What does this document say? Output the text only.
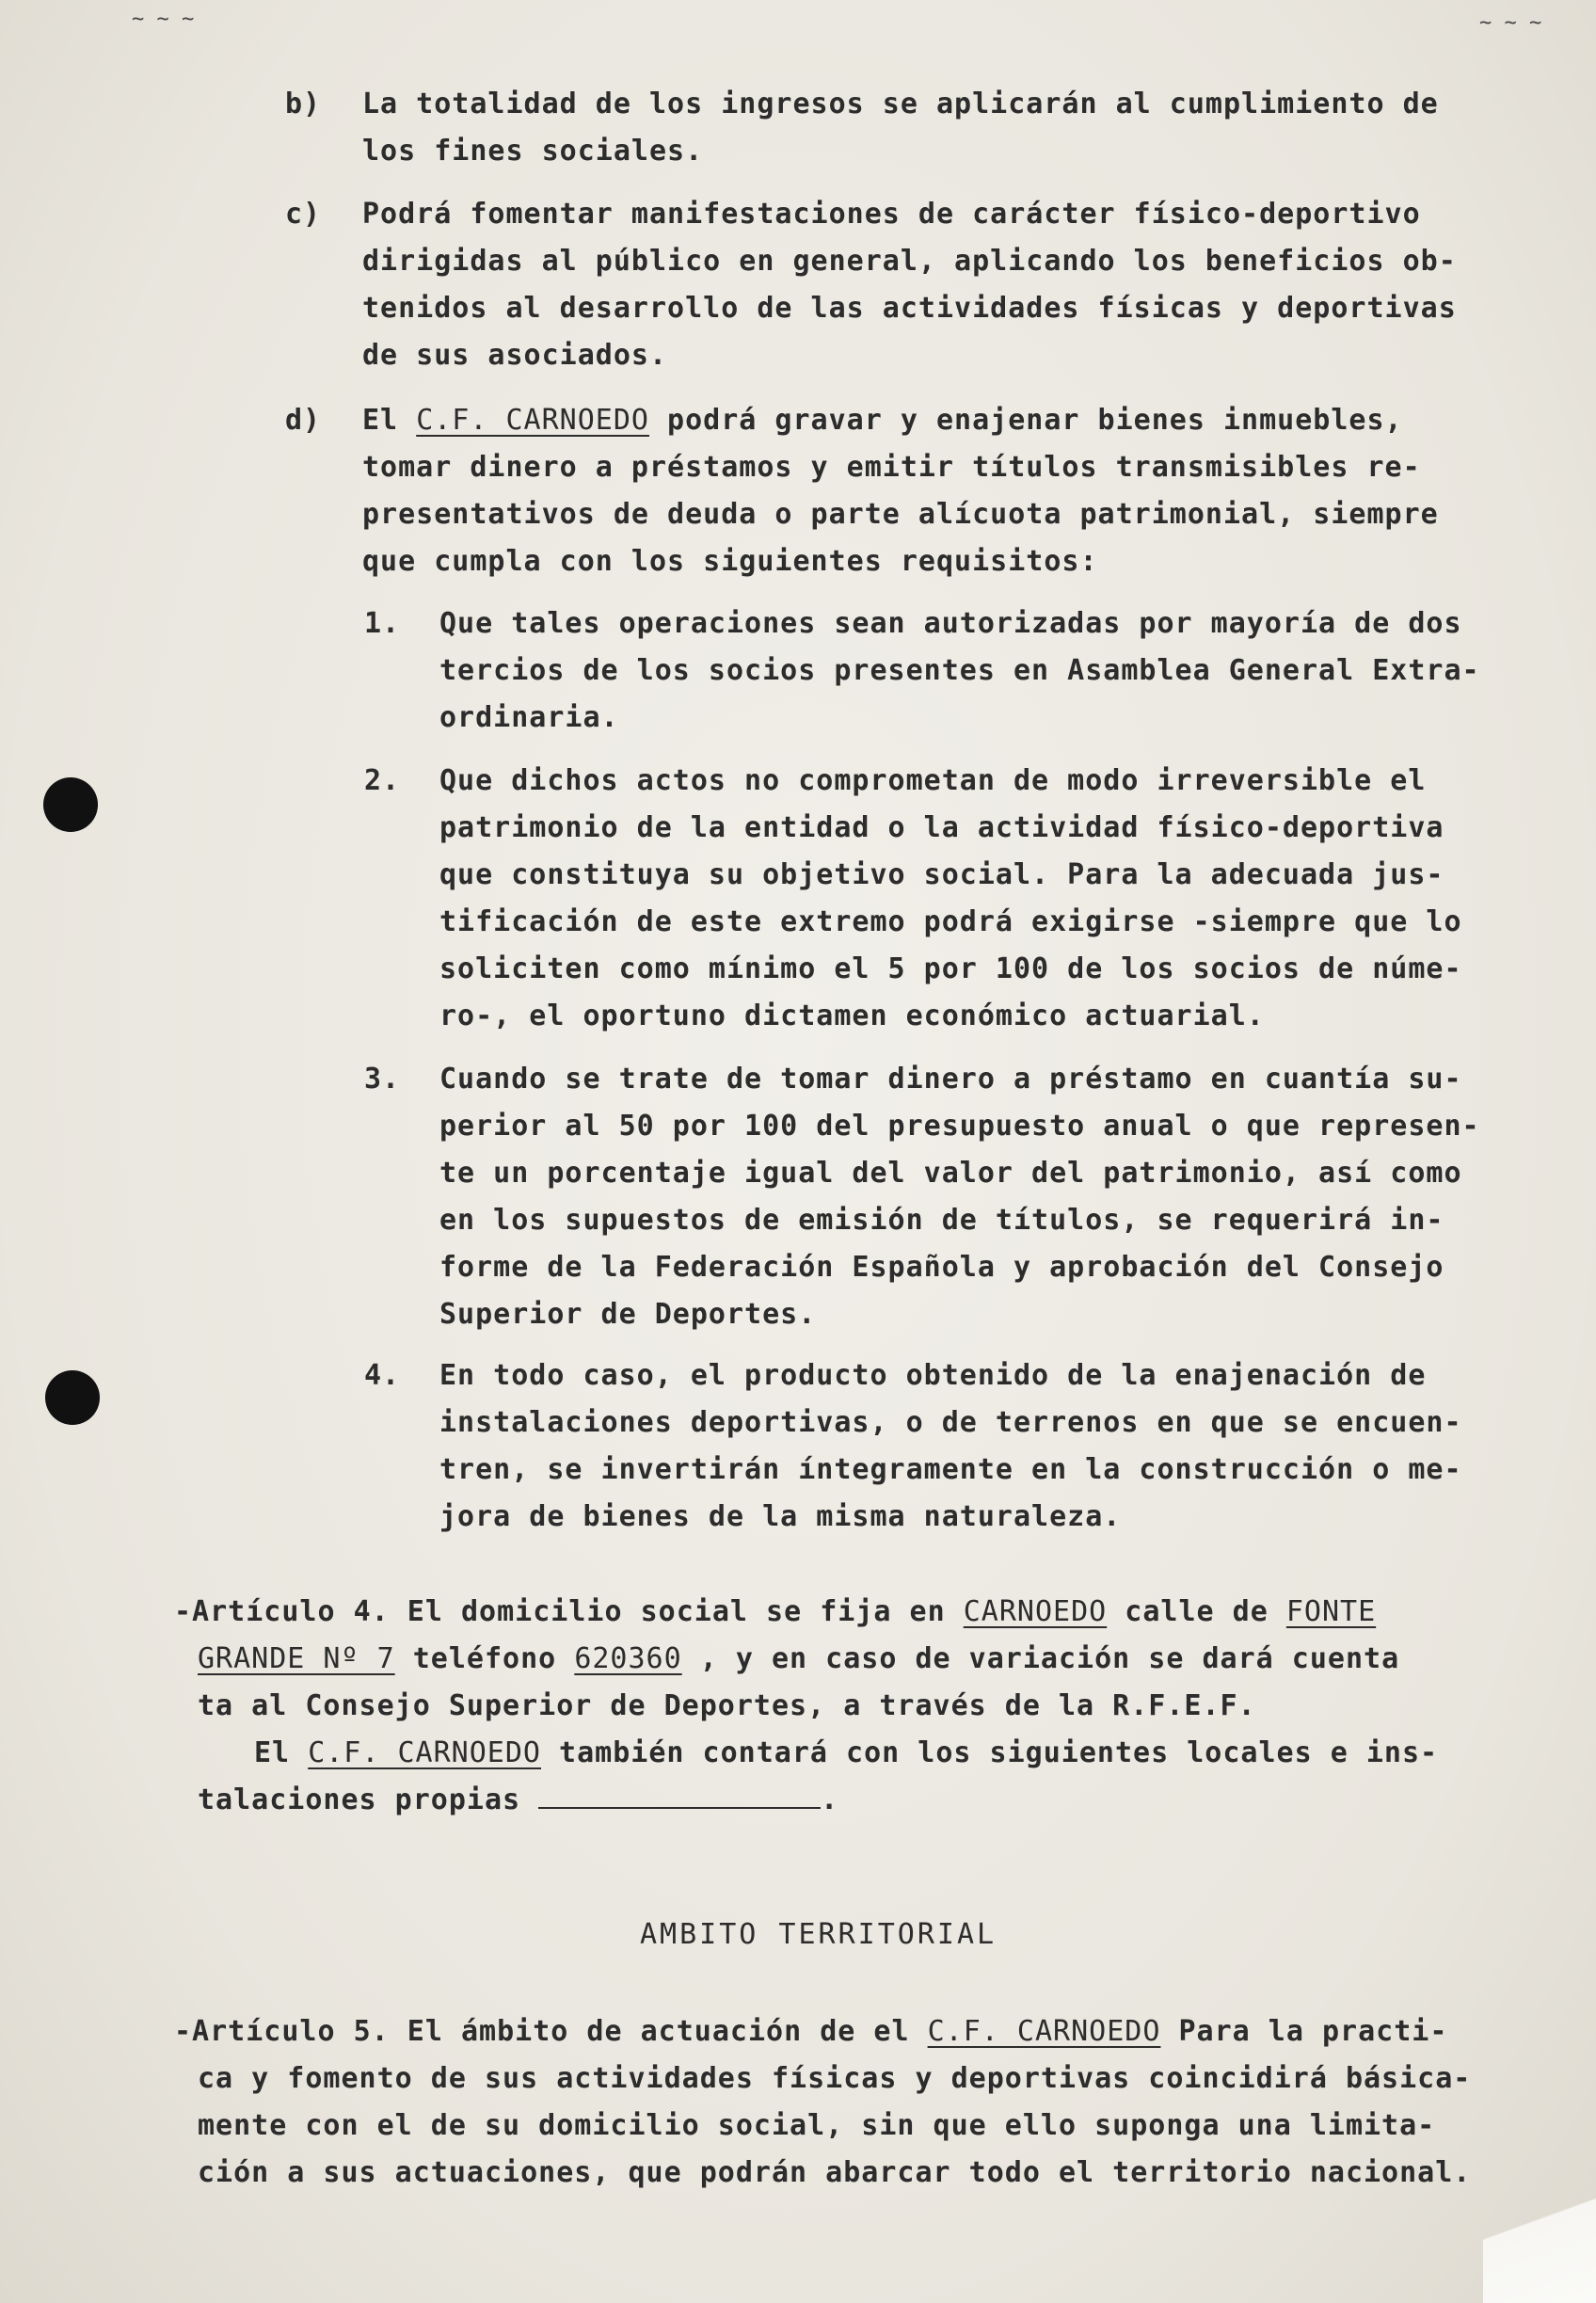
~ ~ ~	~ ~ ~

b) La totalidad de los ingresos se aplicarán al cumplimiento de

los fines sociales.

c) Podrá fomentar manifestaciones de carácter físico-deportivo

dirigidas al público en general, aplicando los beneficios ob-

tenidos al desarrollo de las actividades físicas y deportivas

de sus asociados.

d) El C.F. CARNOEDO podrá gravar y enajenar bienes inmuebles,

tomar dinero a préstamos y emitir títulos transmisibles re-

presentativos de deuda o parte alícuota patrimonial, siempre

que cumpla con los siguientes requisitos:

1. Que tales operaciones sean autorizadas por mayoría de dos

tercios de los socios presentes en Asamblea General Extra-

ordinaria.

2. Que dichos actos no comprometan de modo irreversible el

patrimonio de la entidad o la actividad físico-deportiva

que constituya su objetivo social. Para la adecuada jus-

tificación de este extremo podrá exigirse -siempre que lo

soliciten como mínimo el 5 por 100 de los socios de núme-

ro-, el oportuno dictamen económico actuarial.

3. Cuando se trate de tomar dinero a préstamo en cuantía su-

perior al 50 por 100 del presupuesto anual o que represen-

te un porcentaje igual del valor del patrimonio, así como

en los supuestos de emisión de títulos, se requerirá in-

forme de la Federación Española y aprobación del Consejo

Superior de Deportes.

4. En todo caso, el producto obtenido de la enajenación de

instalaciones deportivas, o de terrenos en que se encuen-

tren, se invertirán íntegramente en la construcción o me-

jora de bienes de la misma naturaleza.

-Artículo 4. El domicilio social se fija en CARNOEDO calle de FONTE

GRANDE Nº 7 teléfono 620360 , y en caso de variación se dará cuenta

ta al Consejo Superior de Deportes, a través de la R.F.E.F.

El C.F. CARNOEDO también contará con los siguientes locales e ins-

talaciones propias	.

AMBITO TERRITORIAL

-Artículo 5. El ámbito de actuación de el C.F. CARNOEDO Para la practi-

ca y fomento de sus actividades físicas y deportivas coincidirá básica-

mente con el de su domicilio social, sin que ello suponga una limita-

ción a sus actuaciones, que podrán abarcar todo el territorio nacional.
